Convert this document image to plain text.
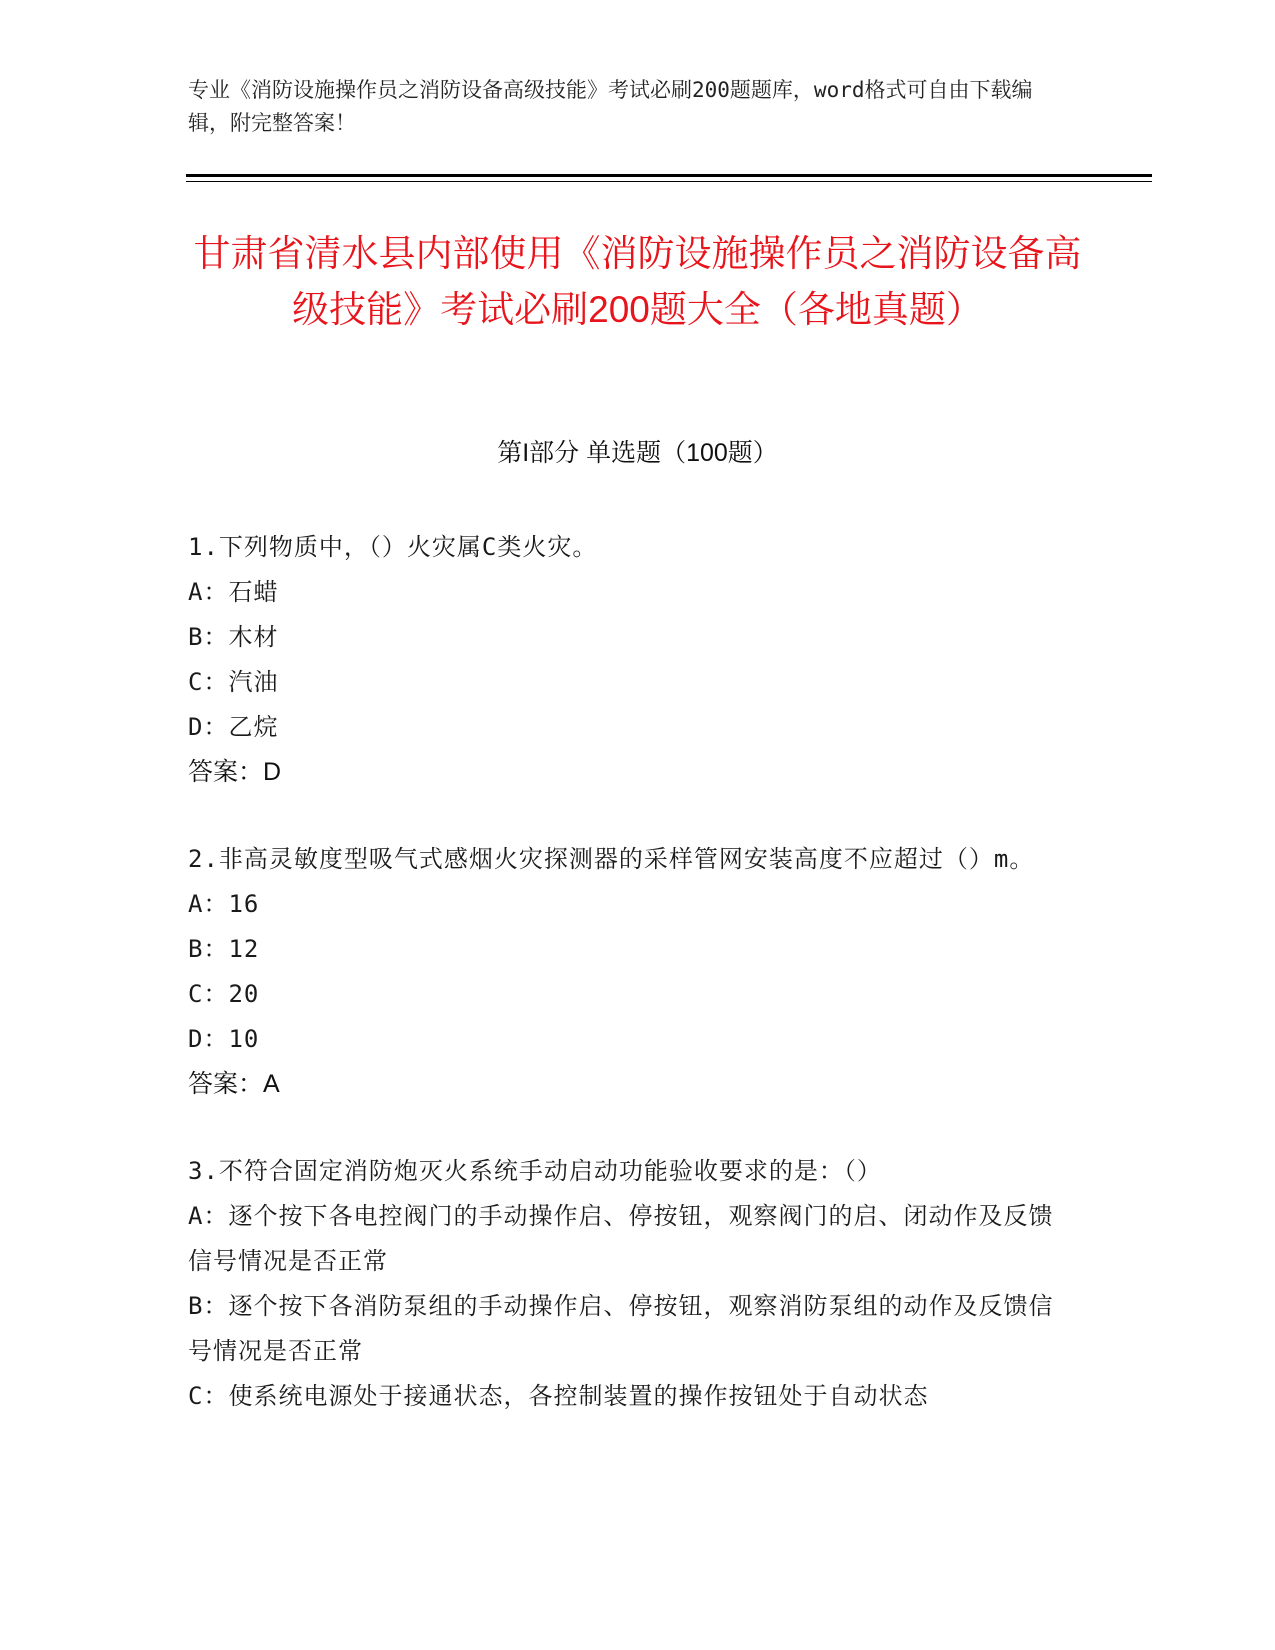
专业《消防设施操作员之消防设备高级技能》考试必刷200题题库，word格式可自由下载编辑，附完整答案！

甘肃省清水县内部使用《消防设施操作员之消防设备高级技能》考试必刷200题大全（各地真题）
第I部分 单选题（100题）

1.下列物质中，（）火灾属C类火灾。

A：石蜡

B：木材

C：汽油

D：乙烷

答案：D

2.非高灵敏度型吸气式感烟火灾探测器的采样管网安装高度不应超过（）m。

A：16

B：12

C：20

D：10

答案：A

3.不符合固定消防炮灭火系统手动启动功能验收要求的是：（）

A：逐个按下各电控阀门的手动操作启、停按钮，观察阀门的启、闭动作及反馈信号情况是否正常

B：逐个按下各消防泵组的手动操作启、停按钮，观察消防泵组的动作及反馈信号情况是否正常

C：使系统电源处于接通状态，各控制装置的操作按钮处于自动状态
